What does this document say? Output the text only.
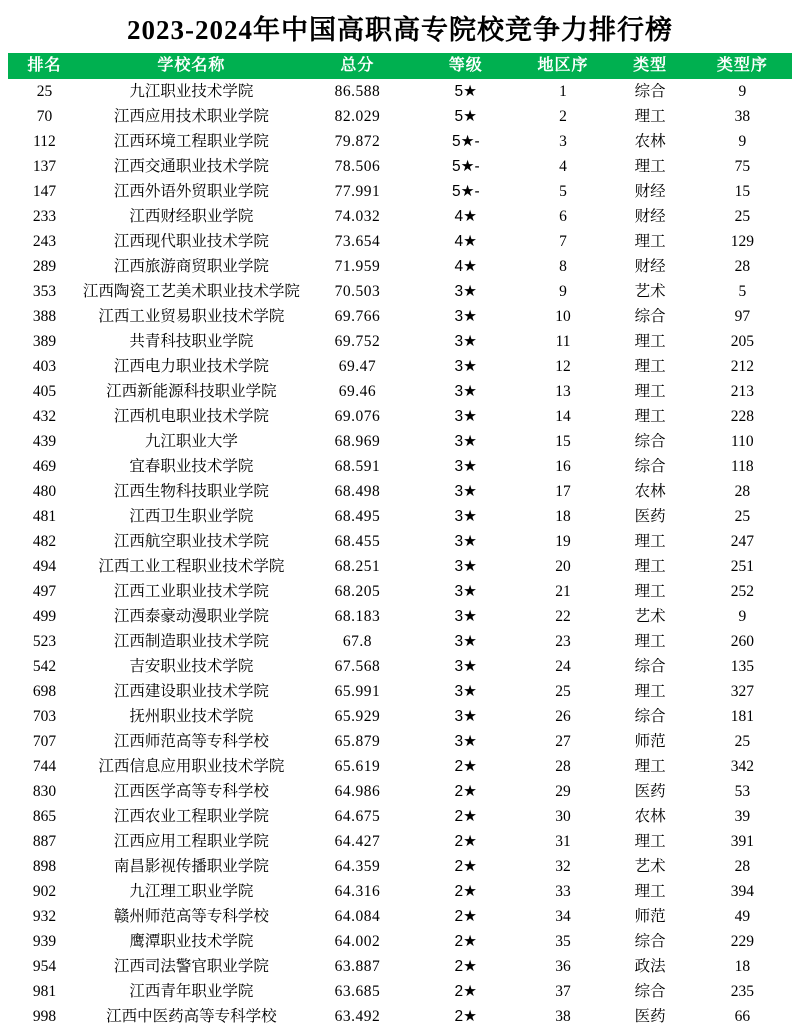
2023-2024年中国高职高专院校竞争力排行榜
排名	学校名称	总分	等级	地区序	类型	类型序
25	九江职业技术学院	86.588	5★	1	综合	9
70	江西应用技术职业学院	82.029	5★	2	理工	38
112	江西环境工程职业学院	79.872	5★-	3	农林	9
137	江西交通职业技术学院	78.506	5★-	4	理工	75
147	江西外语外贸职业学院	77.991	5★-	5	财经	15
233	江西财经职业学院	74.032	4★	6	财经	25
243	江西现代职业技术学院	73.654	4★	7	理工	129
289	江西旅游商贸职业学院	71.959	4★	8	财经	28
353	江西陶瓷工艺美术职业技术学院	70.503	3★	9	艺术	5
388	江西工业贸易职业技术学院	69.766	3★	10	综合	97
389	共青科技职业学院	69.752	3★	11	理工	205
403	江西电力职业技术学院	69.47	3★	12	理工	212
405	江西新能源科技职业学院	69.46	3★	13	理工	213
432	江西机电职业技术学院	69.076	3★	14	理工	228
439	九江职业大学	68.969	3★	15	综合	110
469	宜春职业技术学院	68.591	3★	16	综合	118
480	江西生物科技职业学院	68.498	3★	17	农林	28
481	江西卫生职业学院	68.495	3★	18	医药	25
482	江西航空职业技术学院	68.455	3★	19	理工	247
494	江西工业工程职业技术学院	68.251	3★	20	理工	251
497	江西工业职业技术学院	68.205	3★	21	理工	252
499	江西泰豪动漫职业学院	68.183	3★	22	艺术	9
523	江西制造职业技术学院	67.8	3★	23	理工	260
542	吉安职业技术学院	67.568	3★	24	综合	135
698	江西建设职业技术学院	65.991	3★	25	理工	327
703	抚州职业技术学院	65.929	3★	26	综合	181
707	江西师范高等专科学校	65.879	3★	27	师范	25
744	江西信息应用职业技术学院	65.619	2★	28	理工	342
830	江西医学高等专科学校	64.986	2★	29	医药	53
865	江西农业工程职业学院	64.675	2★	30	农林	39
887	江西应用工程职业学院	64.427	2★	31	理工	391
898	南昌影视传播职业学院	64.359	2★	32	艺术	28
902	九江理工职业学院	64.316	2★	33	理工	394
932	赣州师范高等专科学校	64.084	2★	34	师范	49
939	鹰潭职业技术学院	64.002	2★	35	综合	229
954	江西司法警官职业学院	63.887	2★	36	政法	18
981	江西青年职业学院	63.685	2★	37	综合	235
998	江西中医药高等专科学校	63.492	2★	38	医药	66
